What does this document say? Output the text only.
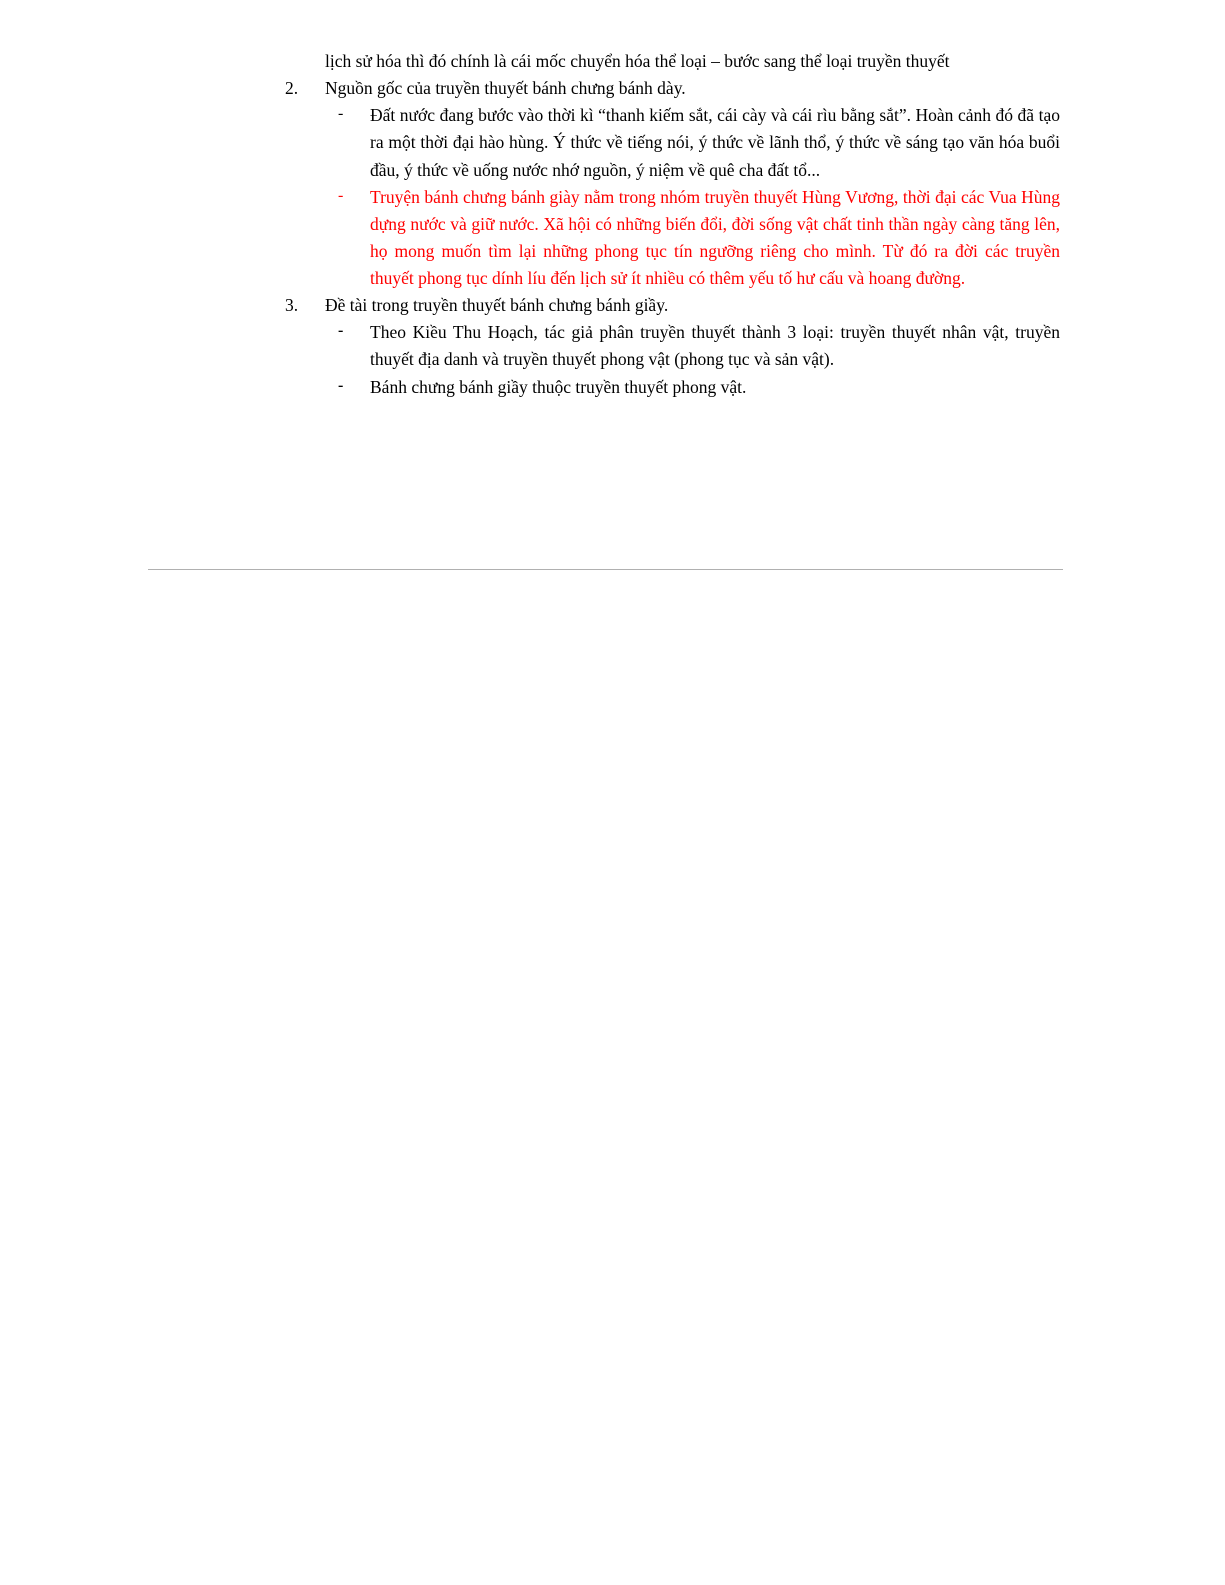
lịch sử hóa thì đó chính là cái mốc chuyển hóa thể loại – bước sang thể loại truyền thuyết

2. Nguồn gốc của truyền thuyết bánh chưng bánh dày.
- Đất nước đang bước vào thời kì “thanh kiếm sắt, cái cày và cái rìu bằng sắt”. Hoàn cảnh đó đã tạo ra một thời đại hào hùng. Ý thức về tiếng nói, ý thức về lãnh thổ, ý thức về sáng tạo văn hóa buổi đầu, ý thức về uống nước nhớ nguồn, ý niệm về quê cha đất tổ...
- Truyện bánh chưng bánh giày nằm trong nhóm truyền thuyết Hùng Vương, thời đại các Vua Hùng dựng nước và giữ nước. Xã hội có những biến đổi, đời sống vật chất tinh thần ngày càng tăng lên, họ mong muốn tìm lại những phong tục tín ngưỡng riêng cho mình. Từ đó ra đời các truyền thuyết phong tục dính líu đến lịch sử ít nhiều có thêm yếu tố hư cấu và hoang đường.
3. Đề tài trong truyền thuyết bánh chưng bánh giầy.
- Theo Kiều Thu Hoạch, tác giả phân truyền thuyết thành 3 loại: truyền thuyết nhân vật, truyền thuyết địa danh và truyền thuyết phong vật (phong tục và sản vật).
- Bánh chưng bánh giầy thuộc truyền thuyết phong vật.
